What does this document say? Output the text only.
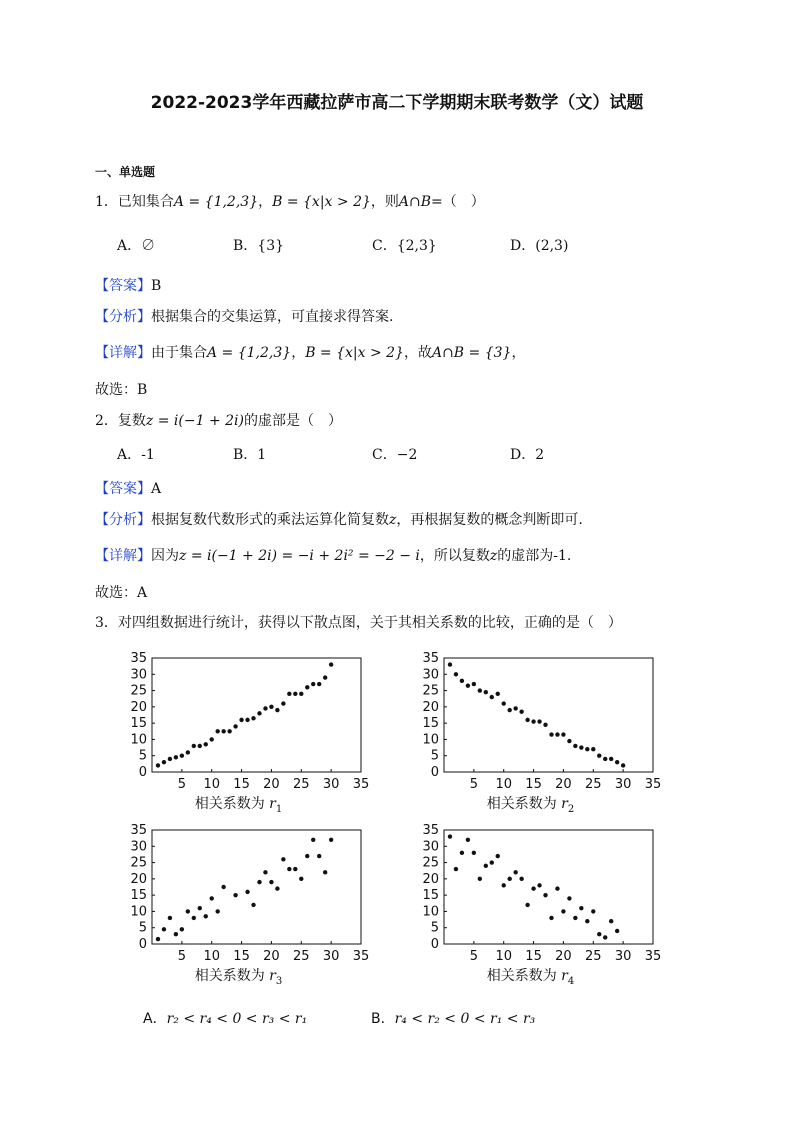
2022-2023学年西藏拉萨市高二下学期期末联考数学（文）试题
一、单选题
1．已知集合A = {1,2,3}，B = {x|x > 2}，则A∩B=（　）
A．∅	B．{3}	C．{2,3}	D．(2,3)
【答案】B
【分析】根据集合的交集运算，可直接求得答案.
【详解】由于集合A = {1,2,3}，B = {x|x > 2}，故A∩B = {3}，
故选：B
2．复数z = i(−1 + 2i)的虚部是（　）
A．-1	B．1	C．−2	D．2
【答案】A
【分析】根据复数代数形式的乘法运算化简复数z，再根据复数的概念判断即可.
【详解】因为z = i(−1 + 2i) = −i + 2i² = −2 − i，所以复数z的虚部为-1.
故选：A
3．对四组数据进行统计，获得以下散点图，关于其相关系数的比较，正确的是（　）
5 10 15 20 25 30 35
0
5
10
15
20
25
30
35
相关系数为 $r_1$
5 10 15 20 25 30 35
0
5
10
15
20
25
30
35
相关系数为 $r_2$
5 10 15 20 25 30 35
0
5
10
15
20
25
30
35
相关系数为 $r_3$
5 10 15 20 25 30 35
0
5
10
15
20
25
30
35
相关系数为 $r_4$
A．r₂ < r₄ < 0 < r₃ < r₁	B．r₄ < r₂ < 0 < r₁ < r₃
